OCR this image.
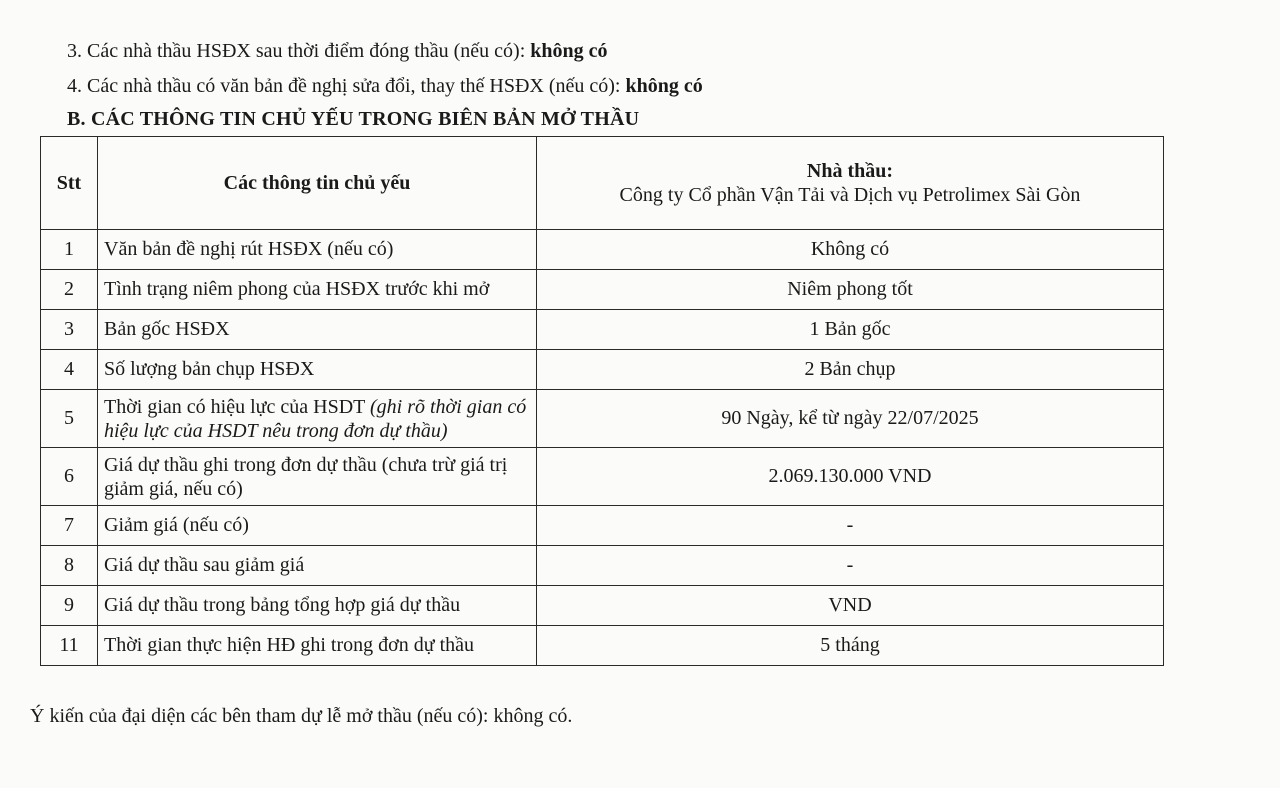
3. Các nhà thầu HSĐX sau thời điểm đóng thầu (nếu có): không có
4. Các nhà thầu có văn bản đề nghị sửa đổi, thay thế HSĐX (nếu có): không có
B. CÁC THÔNG TIN CHỦ YẾU TRONG BIÊN BẢN MỞ THẦU
Stt	Các thông tin chủ yếu	Nhà thầu:
Công ty Cổ phần Vận Tải và Dịch vụ Petrolimex Sài Gòn

1	Văn bản đề nghị rút HSĐX (nếu có)	Không có
2	Tình trạng niêm phong của HSĐX trước khi mở	Niêm phong tốt
3	Bản gốc HSĐX	1 Bản gốc
4	Số lượng bản chụp HSĐX	2 Bản chụp
5	Thời gian có hiệu lực của HSDT (ghi rõ thời gian có hiệu lực của HSDT nêu trong đơn dự thầu)	90 Ngày, kể từ ngày 22/07/2025
6	Giá dự thầu ghi trong đơn dự thầu (chưa trừ giá trị giảm giá, nếu có)	2.069.130.000 VND
7	Giảm giá (nếu có)	-
8	Giá dự thầu sau giảm giá	-
9	Giá dự thầu trong bảng tổng hợp giá dự thầu	VND
11	Thời gian thực hiện HĐ ghi trong đơn dự thầu	5 tháng
Ý kiến của đại diện các bên tham dự lễ mở thầu (nếu có): không có.
